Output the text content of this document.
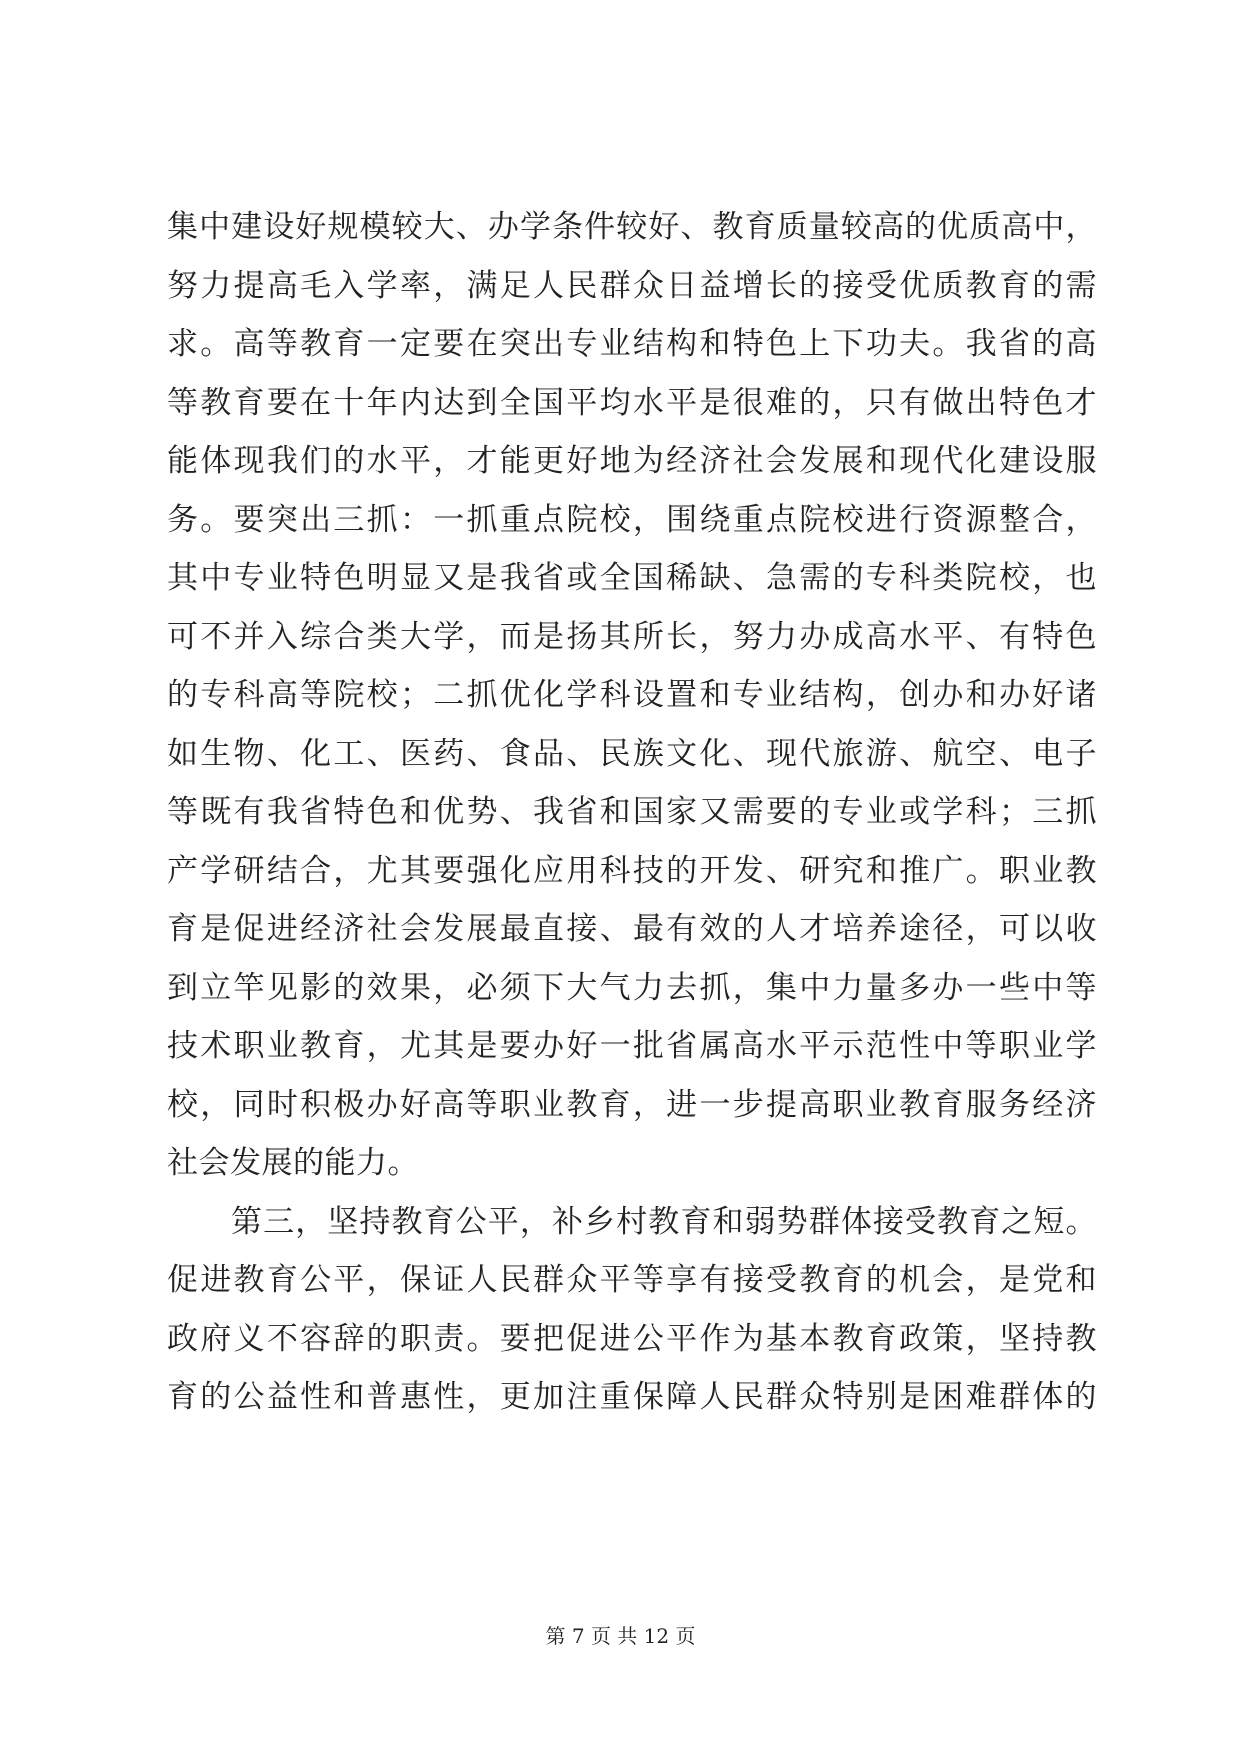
集中建设好规模较大、办学条件较好、教育质量较高的优质高中，
努力提高毛入学率，满足人民群众日益增长的接受优质教育的需
求。高等教育一定要在突出专业结构和特色上下功夫。我省的高
等教育要在十年内达到全国平均水平是很难的，只有做出特色才
能体现我们的水平，才能更好地为经济社会发展和现代化建设服
务。要突出三抓：一抓重点院校，围绕重点院校进行资源整合，
其中专业特色明显又是我省或全国稀缺、急需的专科类院校，也
可不并入综合类大学，而是扬其所长，努力办成高水平、有特色
的专科高等院校；二抓优化学科设置和专业结构，创办和办好诸
如生物、化工、医药、食品、民族文化、现代旅游、航空、电子
等既有我省特色和优势、我省和国家又需要的专业或学科；三抓
产学研结合，尤其要强化应用科技的开发、研究和推广。职业教
育是促进经济社会发展最直接、最有效的人才培养途径，可以收
到立竿见影的效果，必须下大气力去抓，集中力量多办一些中等
技术职业教育，尤其是要办好一批省属高水平示范性中等职业学
校，同时积极办好高等职业教育，进一步提高职业教育服务经济
社会发展的能力。
第三，坚持教育公平，补乡村教育和弱势群体接受教育之短。
促进教育公平，保证人民群众平等享有接受教育的机会，是党和
政府义不容辞的职责。要把促进公平作为基本教育政策，坚持教
育的公益性和普惠性，更加注重保障人民群众特别是困难群体的
第 7 页 共 12 页
